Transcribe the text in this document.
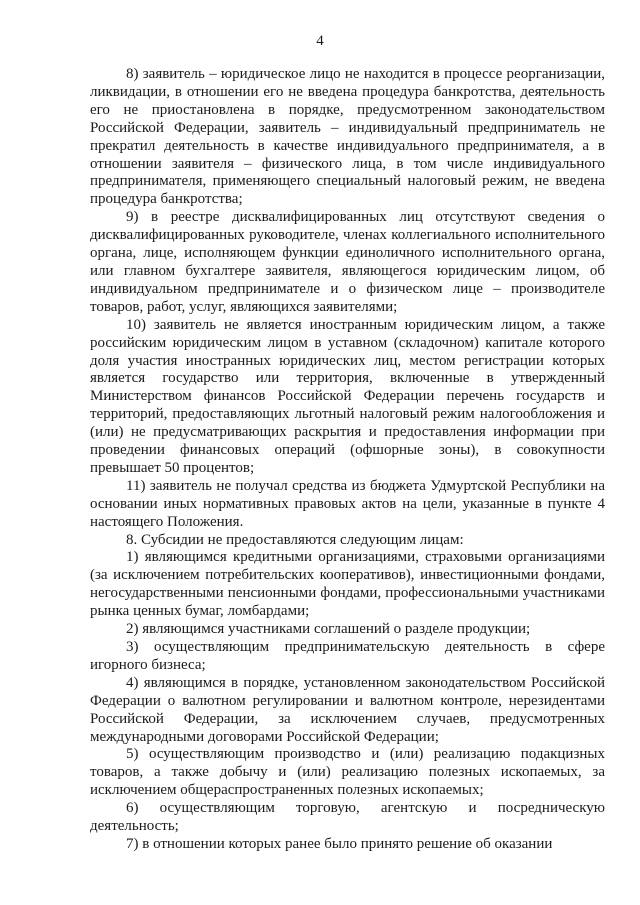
4

8) заявитель – юридическое лицо не находится в процессе реорганизации, ликвидации, в отношении его не введена процедура банкротства, деятельность его не приостановлена в порядке, предусмотренном законодательством Российской Федерации, заявитель – индивидуальный предприниматель не прекратил деятельность в качестве индивидуального предпринимателя, а в отношении заявителя – физического лица, в том числе индивидуального предпринимателя, применяющего специальный налоговый режим, не введена процедура банкротства;

9) в реестре дисквалифицированных лиц отсутствуют сведения о дисквалифицированных руководителе, членах коллегиального исполнительного органа, лице, исполняющем функции единоличного исполнительного органа, или главном бухгалтере заявителя, являющегося юридическим лицом, об индивидуальном предпринимателе и о физическом лице – производителе товаров, работ, услуг, являющихся заявителями;

10) заявитель не является иностранным юридическим лицом, а также российским юридическим лицом в уставном (складочном) капитале которого доля участия иностранных юридических лиц, местом регистрации которых является государство или территория, включенные в утвержденный Министерством финансов Российской Федерации перечень государств и территорий, предоставляющих льготный налоговый режим налогообложения и (или) не предусматривающих раскрытия и предоставления информации при проведении финансовых операций (офшорные зоны), в совокупности превышает 50 процентов;

11) заявитель не получал средства из бюджета Удмуртской Республики на основании иных нормативных правовых актов на цели, указанные в пункте 4 настоящего Положения.

8. Субсидии не предоставляются следующим лицам:

1) являющимся кредитными организациями, страховыми организациями (за исключением потребительских кооперативов), инвестиционными фондами, негосударственными пенсионными фондами, профессиональными участниками рынка ценных бумаг, ломбардами;

2) являющимся участниками соглашений о разделе продукции;

3) осуществляющим предпринимательскую деятельность в сфере игорного бизнеса;

4) являющимся в порядке, установленном законодательством Российской Федерации о валютном регулировании и валютном контроле, нерезидентами Российской Федерации, за исключением случаев, предусмотренных международными договорами Российской Федерации;

5) осуществляющим производство и (или) реализацию подакцизных товаров, а также добычу и (или) реализацию полезных ископаемых, за исключением общераспространенных полезных ископаемых;

6) осуществляющим торговую, агентскую и посредническую деятельность;

7) в отношении которых ранее было принято решение об оказании
